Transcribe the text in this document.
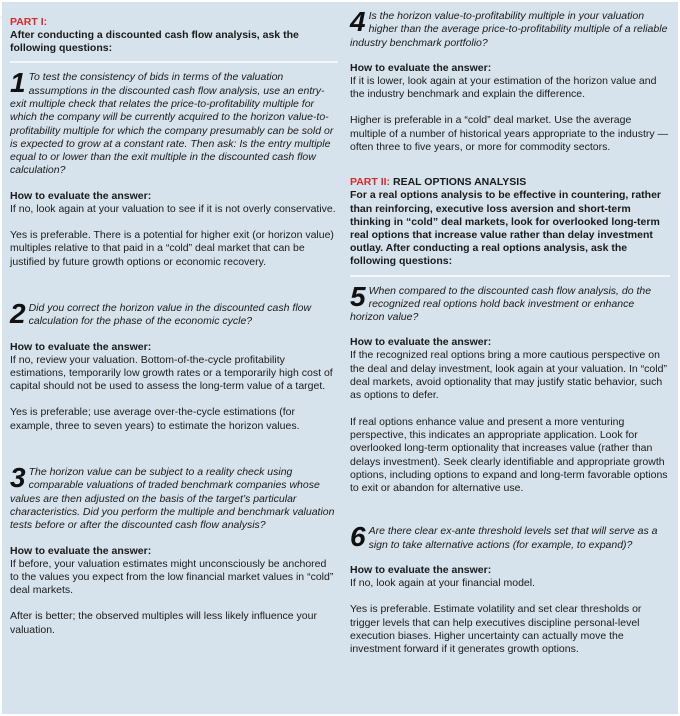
PART I:
After conducting a discounted cash flow analysis, ask the following questions:
1 To test the consistency of bids in terms of the valuation assumptions in the discounted cash flow analysis, use an entry-exit multiple check that relates the price-to-profitability multiple for which the company will be currently acquired to the horizon value-to-profitability multiple for which the company presumably can be sold or is expected to grow at a constant rate. Then ask: Is the entry multiple equal to or lower than the exit multiple in the discounted cash flow calculation?
How to evaluate the answer:
If no, look again at your valuation to see if it is not overly conservative.
Yes is preferable. There is a potential for higher exit (or horizon value) multiples relative to that paid in a “cold” deal market that can be justified by future growth options or economic recovery.
2 Did you correct the horizon value in the discounted cash flow calculation for the phase of the economic cycle?
How to evaluate the answer:
If no, review your valuation. Bottom-of-the-cycle profitability estimations, temporarily low growth rates or a temporarily high cost of capital should not be used to assess the long-term value of a target.
Yes is preferable; use average over-the-cycle estimations (for example, three to seven years) to estimate the horizon values.
3 The horizon value can be subject to a reality check using comparable valuations of traded benchmark companies whose values are then adjusted on the basis of the target’s particular characteristics. Did you perform the multiple and benchmark valuation tests before or after the discounted cash flow analysis?
How to evaluate the answer:
If before, your valuation estimates might unconsciously be anchored to the values you expect from the low financial market values in “cold” deal markets.
After is better; the observed multiples will less likely influence your valuation.
4 Is the horizon value-to-profitability multiple in your valuation higher than the average price-to-profitability multiple of a reliable industry benchmark portfolio?
How to evaluate the answer:
If it is lower, look again at your estimation of the horizon value and the industry benchmark and explain the difference.
Higher is preferable in a “cold” deal market. Use the average multiple of a number of historical years appropriate to the industry — often three to five years, or more for commodity sectors.
PART II: REAL OPTIONS ANALYSIS
For a real options analysis to be effective in countering, rather than reinforcing, executive loss aversion and short-term thinking in “cold” deal markets, look for overlooked long-term real options that increase value rather than delay investment outlay. After conducting a real options analysis, ask the following questions:
5 When compared to the discounted cash flow analysis, do the recognized real options hold back investment or enhance horizon value?
How to evaluate the answer:
If the recognized real options bring a more cautious perspective on the deal and delay investment, look again at your valuation. In “cold” deal markets, avoid optionality that may justify static behavior, such as options to defer.
If real options enhance value and present a more venturing perspective, this indicates an appropriate application. Look for overlooked long-term optionality that increases value (rather than delays investment). Seek clearly identifiable and appropriate growth options, including options to expand and long-term favorable options to exit or abandon for alternative use.
6 Are there clear ex-ante threshold levels set that will serve as a sign to take alternative actions (for example, to expand)?
How to evaluate the answer:
If no, look again at your financial model.
Yes is preferable. Estimate volatility and set clear thresholds or trigger levels that can help executives discipline personal-level execution biases. Higher uncertainty can actually move the investment forward if it generates growth options.
